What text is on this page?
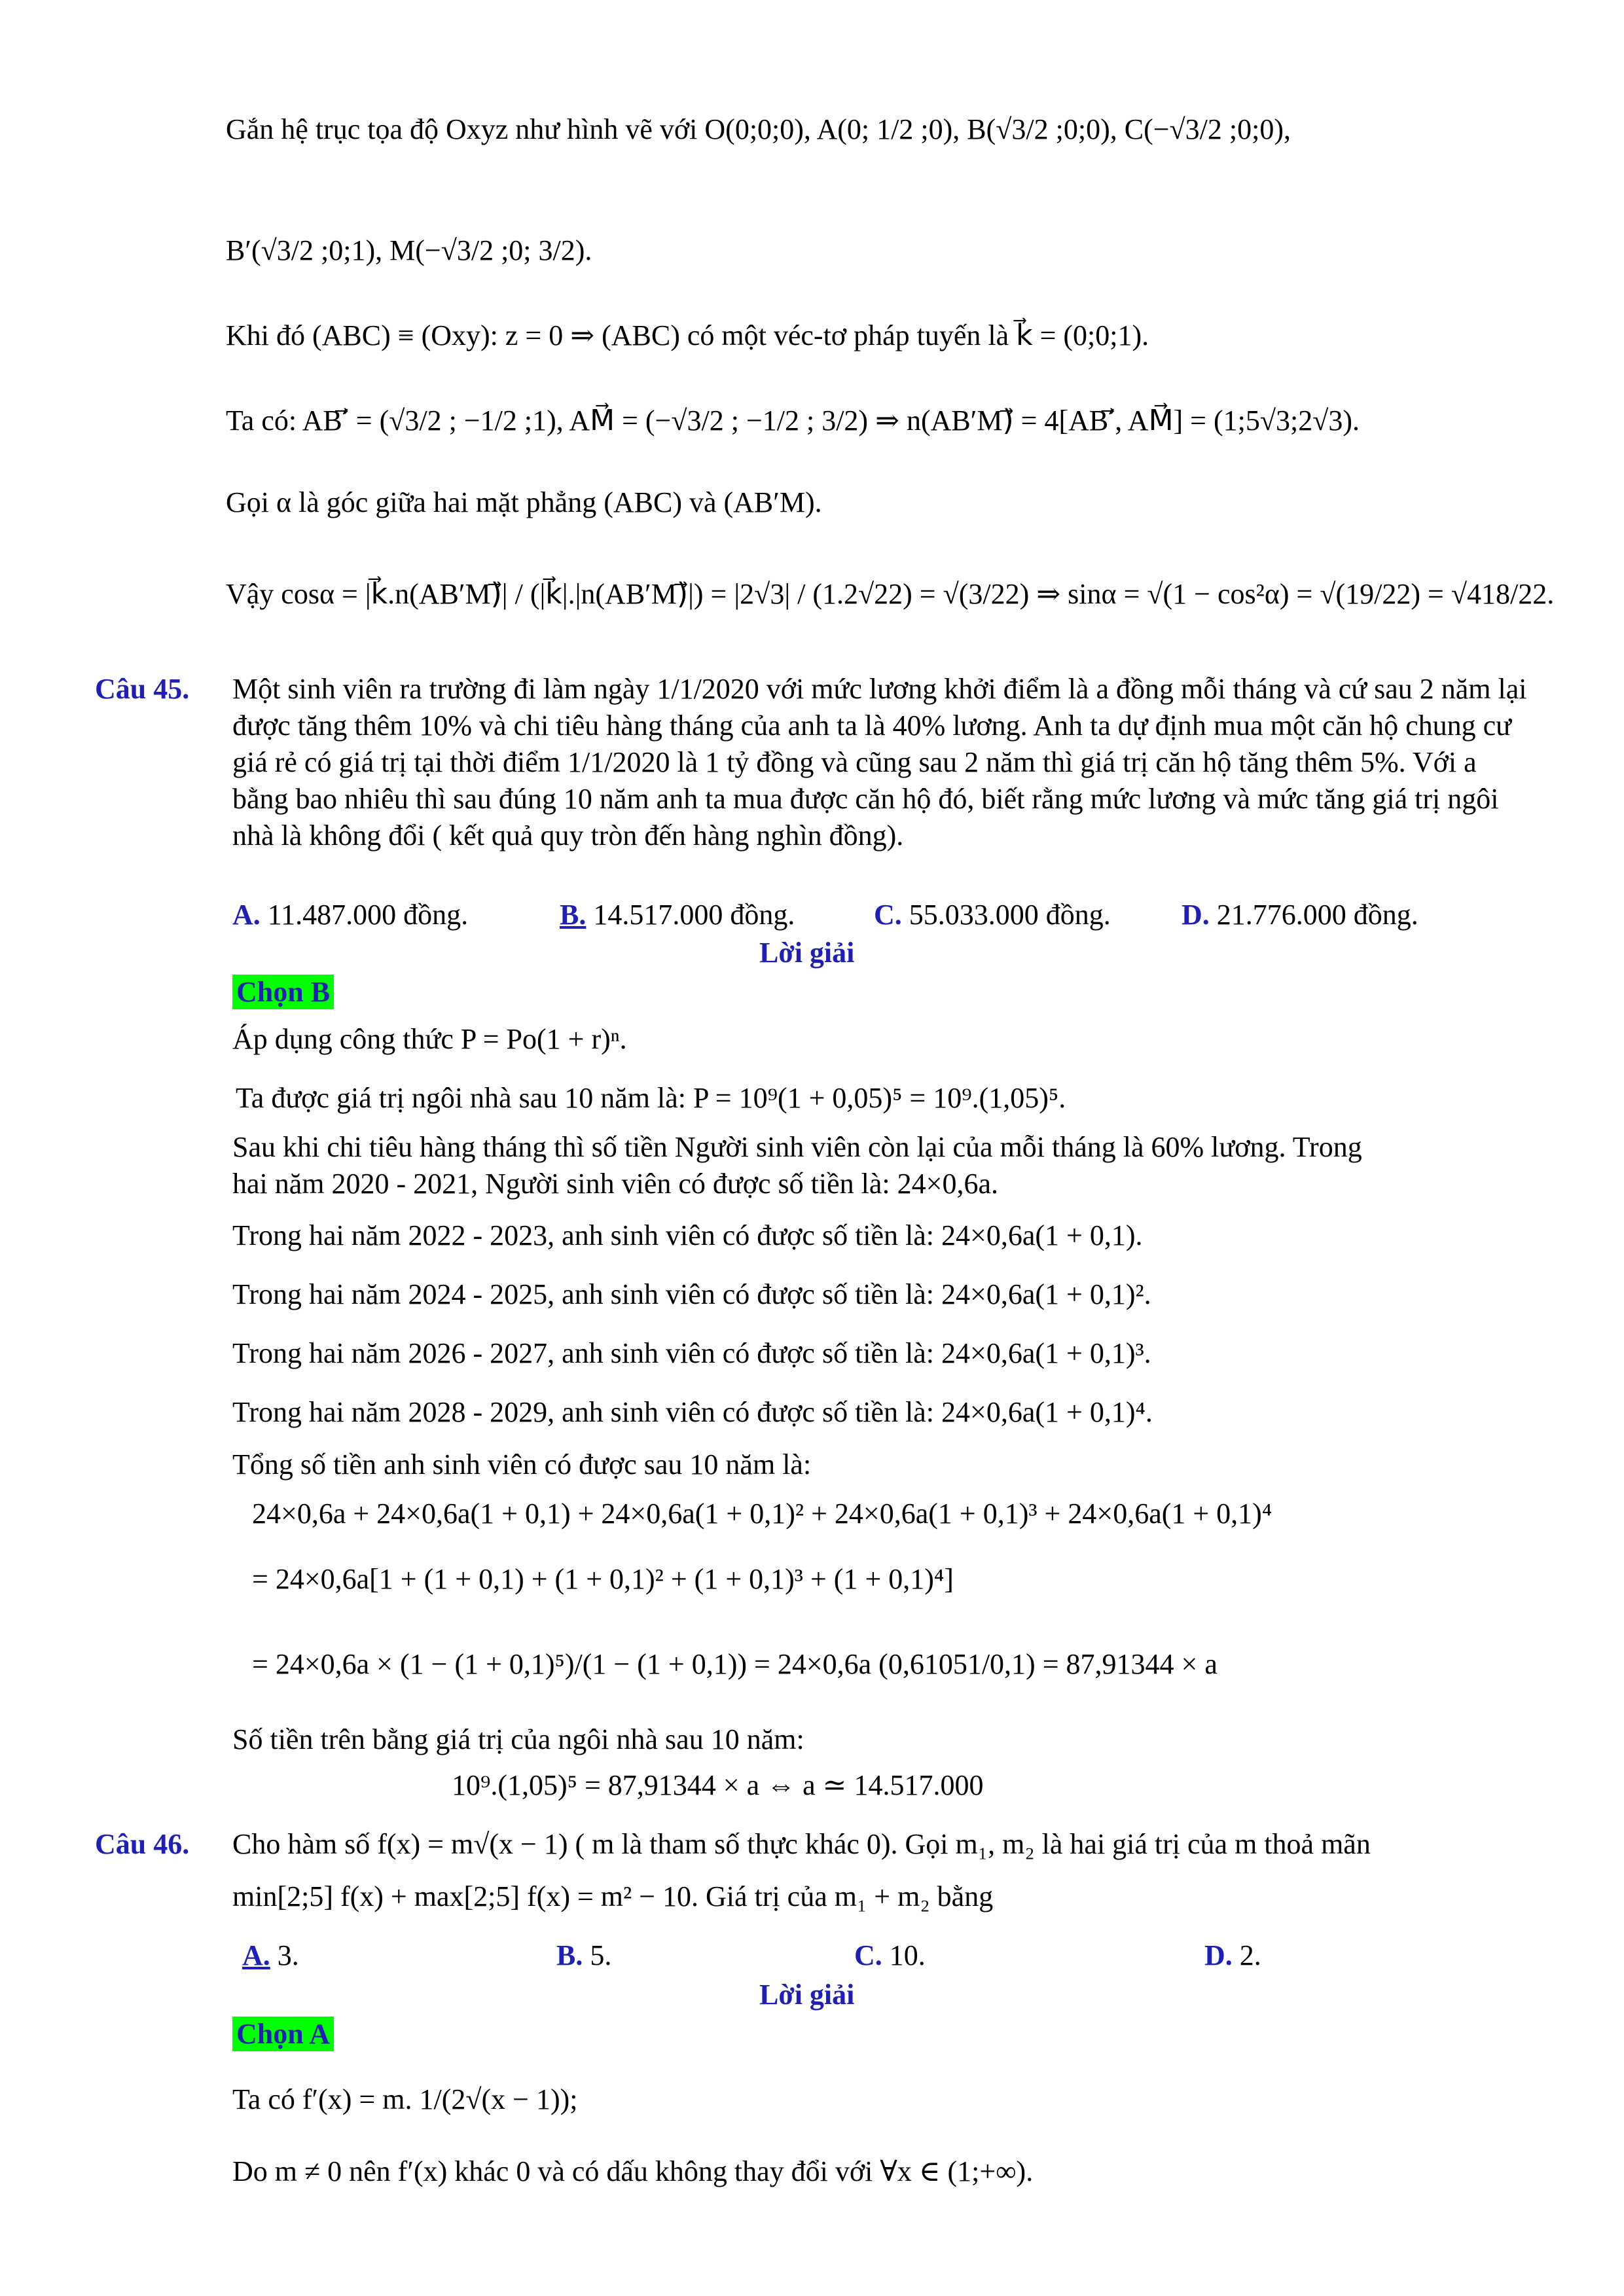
Gắn hệ trục tọa độ Oxyz như hình vẽ với O(0;0;0), A(0; 1/2 ;0), B(√3/2 ;0;0), C(−√3/2 ;0;0),
B′(√3/2 ;0;1), M(−√3/2 ;0; 3/2).
Khi đó (ABC) ≡ (Oxy): z = 0 ⇒ (ABC) có một véc-tơ pháp tuyến là k⃗ = (0;0;1).
Ta có: AB′⃗ = (√3/2 ; −1/2 ;1), AM⃗ = (−√3/2 ; −1/2 ; 3/2) ⇒ n(AB′M)⃗ = 4[AB′⃗, AM⃗] = (1;5√3;2√3).
Gọi α là góc giữa hai mặt phẳng (ABC) và (AB′M).
Vậy cosα = |k⃗.n(AB′M)⃗| / (|k⃗|.|n(AB′M)⃗|) = |2√3| / (1.2√22) = √(3/22) ⇒ sinα = √(1 − cos²α) = √(19/22) = √418/22.
Câu 45. Một sinh viên ra trường đi làm ngày 1/1/2020 với mức lương khởi điểm là a đồng mỗi tháng và cứ sau 2 năm lại được tăng thêm 10% và chi tiêu hàng tháng của anh ta là 40% lương. Anh ta dự định mua một căn hộ chung cư giá rẻ có giá trị tại thời điểm 1/1/2020 là 1 tỷ đồng và cũng sau 2 năm thì giá trị căn hộ tăng thêm 5%. Với a bằng bao nhiêu thì sau đúng 10 năm anh ta mua được căn hộ đó, biết rằng mức lương và mức tăng giá trị ngôi nhà là không đổi ( kết quả quy tròn đến hàng nghìn đồng).
A. 11.487.000 đồng.	B. 14.517.000 đồng.	C. 55.033.000 đồng. D. 21.776.000 đồng.
Lời giải
Chọn B
Áp dụng công thức P = Po(1 + r)ⁿ.
Ta được giá trị ngôi nhà sau 10 năm là: P = 10⁹(1 + 0,05)⁵ = 10⁹.(1,05)⁵.
Sau khi chi tiêu hàng tháng thì số tiền Người sinh viên còn lại của mỗi tháng là 60% lương. Trong
hai năm 2020 - 2021, Người sinh viên có được số tiền là: 24×0,6a.
Trong hai năm 2022 - 2023, anh sinh viên có được số tiền là: 24×0,6a(1 + 0,1).
Trong hai năm 2024 - 2025, anh sinh viên có được số tiền là: 24×0,6a(1 + 0,1)².
Trong hai năm 2026 - 2027, anh sinh viên có được số tiền là: 24×0,6a(1 + 0,1)³.
Trong hai năm 2028 - 2029, anh sinh viên có được số tiền là: 24×0,6a(1 + 0,1)⁴.
Tổng số tiền anh sinh viên có được sau 10 năm là:
24×0,6a + 24×0,6a(1 + 0,1) + 24×0,6a(1 + 0,1)² + 24×0,6a(1 + 0,1)³ + 24×0,6a(1 + 0,1)⁴
= 24×0,6a[1 + (1 + 0,1) + (1 + 0,1)² + (1 + 0,1)³ + (1 + 0,1)⁴]
= 24×0,6a × (1 − (1 + 0,1)⁵)/(1 − (1 + 0,1)) = 24×0,6a (0,61051/0,1) = 87,91344 × a
Số tiền trên bằng giá trị của ngôi nhà sau 10 năm:
10⁹.(1,05)⁵ = 87,91344 × a ⇔ a ≃ 14.517.000
Câu 46. Cho hàm số f(x) = m√(x − 1) ( m là tham số thực khác 0). Gọi m₁, m₂ là hai giá trị của m thoả mãn
min[2;5] f(x) + max[2;5] f(x) = m² − 10. Giá trị của m₁ + m₂ bằng
A. 3.	B. 5.	C. 10.	D. 2.
Lời giải
Chọn A
Ta có f′(x) = m. 1/(2√(x − 1));
Do m ≠ 0 nên f′(x) khác 0 và có dấu không thay đổi với ∀x ∈ (1;+∞).
